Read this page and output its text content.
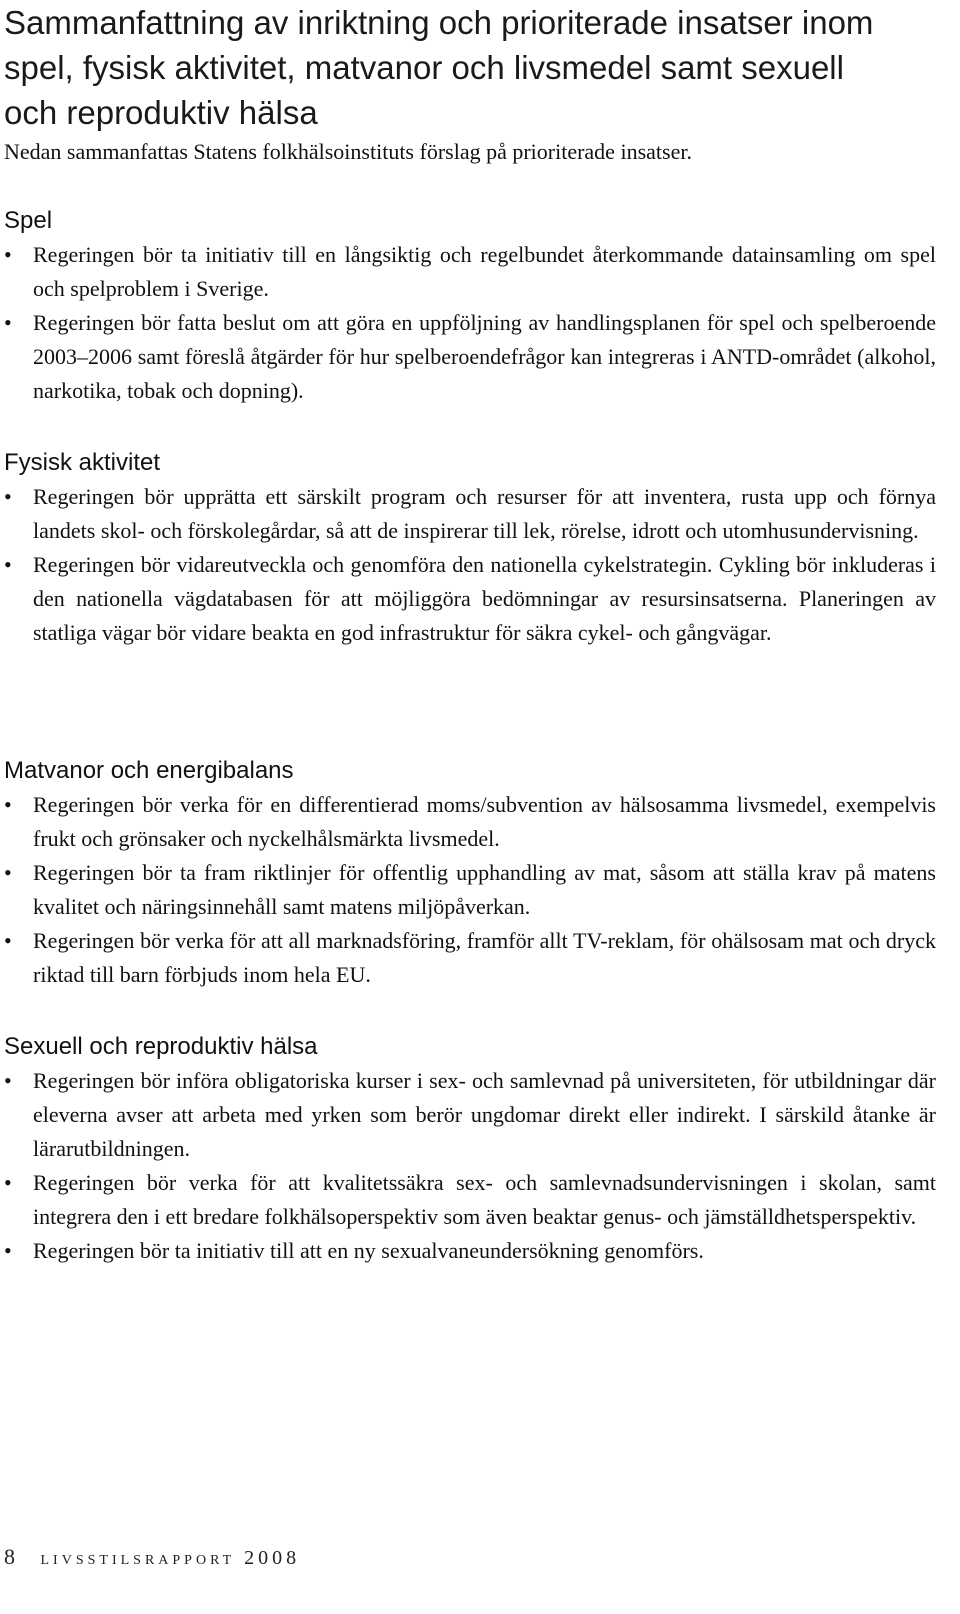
Sammanfattning av inriktning och prioriterade insatser inom
spel, fysisk aktivitet, matvanor och livsmedel samt sexuell
och reproduktiv hälsa

Nedan sammanfattas Statens folkhälsoinstituts förslag på prioriterade insatser.

Spel
• Regeringen bör ta initiativ till en långsiktig och regelbundet återkommande datainsamling om spel och spelproblem i Sverige.
• Regeringen bör fatta beslut om att göra en uppföljning av handlingsplanen för spel och spelberoende 2003–2006 samt föreslå åtgärder för hur spelberoendefrågor kan integreras i ANTD-området (alkohol, narkotika, tobak och dopning).
Fysisk aktivitet
• Regeringen bör upprätta ett särskilt program och resurser för att inventera, rusta upp och förnya landets skol- och förskolegårdar, så att de inspirerar till lek, rörelse, idrott och utomhusundervisning.
• Regeringen bör vidareutveckla och genomföra den nationella cykelstrategin. Cykling bör inkluderas i den nationella vägdatabasen för att möjliggöra bedömningar av resursinsatserna. Planeringen av statliga vägar bör vidare beakta en god infrastruktur för säkra cykel- och gångvägar.
Matvanor och energibalans
• Regeringen bör verka för en differentierad moms/subvention av hälsosamma livsmedel, exempelvis frukt och grönsaker och nyckelhålsmärkta livsmedel.
• Regeringen bör ta fram riktlinjer för offentlig upphandling av mat, såsom att ställa krav på matens kvalitet och näringsinnehåll samt matens miljöpåverkan.
• Regeringen bör verka för att all marknadsföring, framför allt TV-reklam, för ohälsosam mat och dryck riktad till barn förbjuds inom hela EU.
Sexuell och reproduktiv hälsa
• Regeringen bör införa obligatoriska kurser i sex- och samlevnad på universiteten, för utbildningar där eleverna avser att arbeta med yrken som berör ungdomar direkt eller indirekt. I särskild åtanke är lärarutbildningen.
• Regeringen bör verka för att kvalitetssäkra sex- och samlevnadsundervisningen i skolan, samt integrera den i ett bredare folkhälsoperspektiv som även beaktar genus- och jämställdhetsperspektiv.
• Regeringen bör ta initiativ till att en ny sexualvaneundersökning genomförs.
8 livsstilsrapport 2008
